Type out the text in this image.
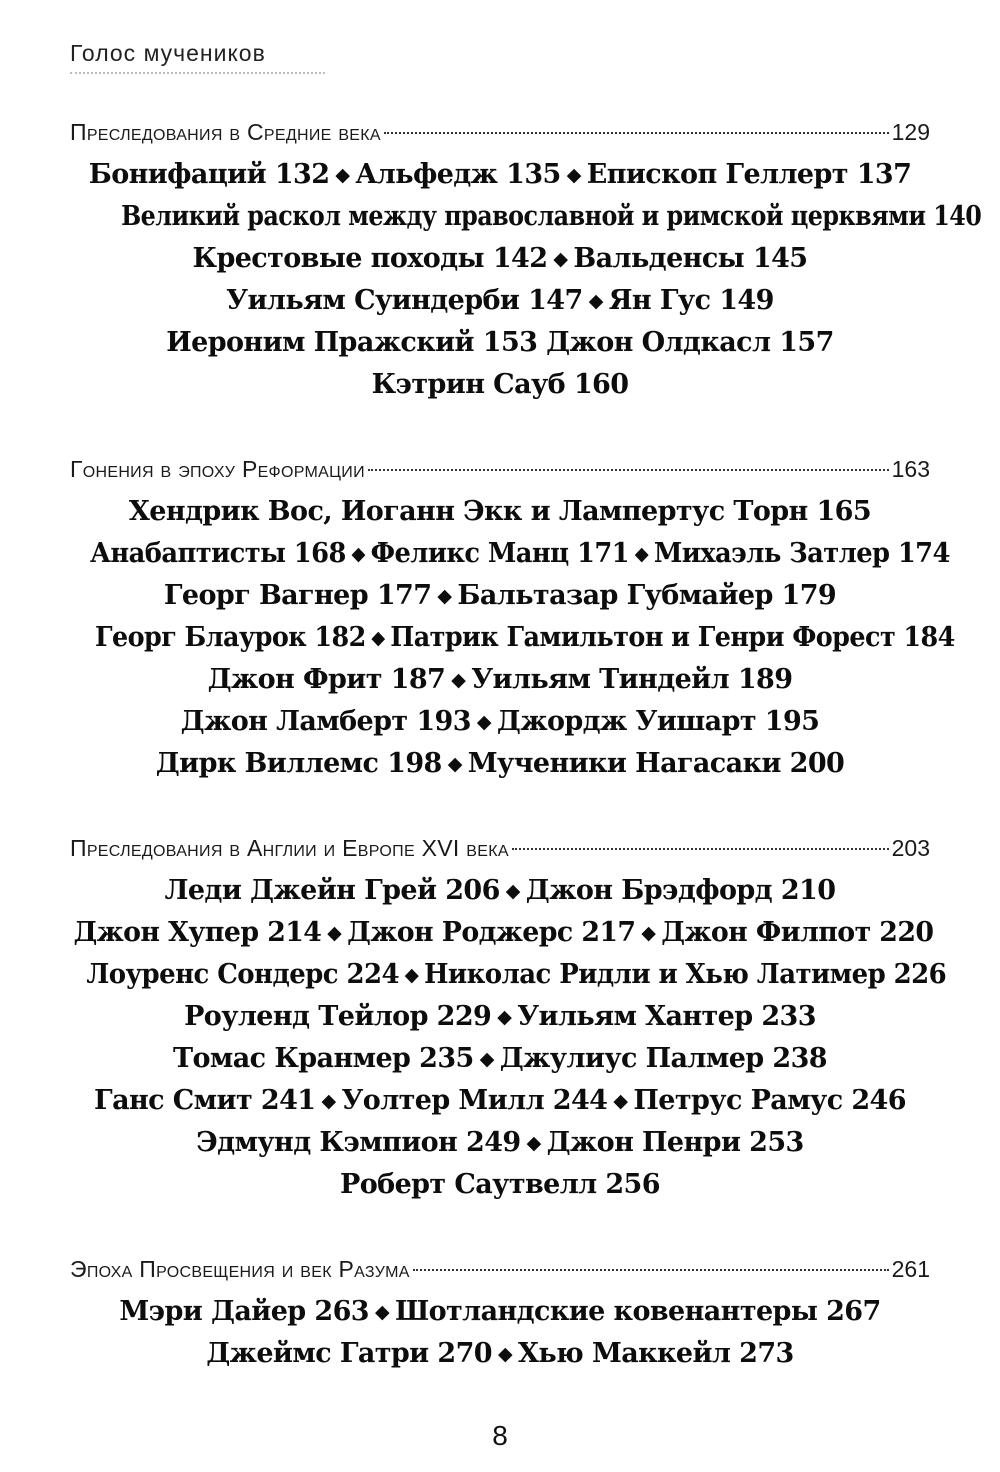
Голос мучеников
Преследования в Средние века	129
Бонифаций 132 ◆ Альфедж 135 ◆ Епископ Геллерт 137
Великий раскол между православной и римской церквями 140
Крестовые походы 142 ◆ Вальденсы 145
Уильям Суиндерби 147 ◆ Ян Гус 149
Иероним Пражский 153 Джон Олдкасл 157
Кэтрин Сауб 160
Гонения в эпоху Реформации	163
Хендрик Вос, Иоганн Экк и Лампертус Торн 165
Анабаптисты 168 ◆ Феликс Манц 171 ◆ Михаэль Затлер 174
Георг Вагнер 177 ◆ Бальтазар Губмайер 179
Георг Блаурок 182 ◆ Патрик Гамильтон и Генри Форест 184
Джон Фрит 187 ◆ Уильям Тиндейл 189
Джон Ламберт 193 ◆ Джордж Уишарт 195
Дирк Виллемс 198 ◆ Мученики Нагасаки 200
Преследования в Англии и Европе XVI века	203
Леди Джейн Грей 206 ◆ Джон Брэдфорд 210
Джон Хупер 214 ◆ Джон Роджерс 217 ◆ Джон Филпот 220
Лоуренс Сондерс 224 ◆ Николас Ридли и Хью Латимер 226
Роуленд Тейлор 229 ◆ Уильям Хантер 233
Томас Кранмер 235 ◆ Джулиус Палмер 238
Ганс Смит 241 ◆ Уолтер Милл 244 ◆ Петрус Рамус 246
Эдмунд Кэмпион 249 ◆ Джон Пенри 253
Роберт Саутвелл 256
Эпоха Просвещения и век Разума	261
Мэри Дайер 263 ◆ Шотландские ковенантеры 267
Джеймс Гатри 270 ◆ Хью Маккейл 273
8
